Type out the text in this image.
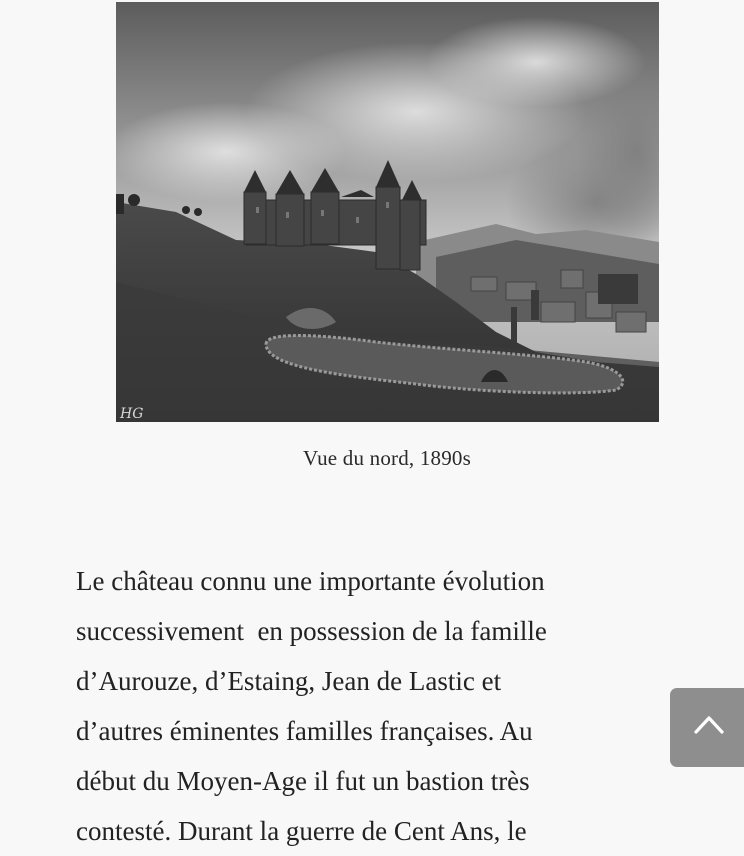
HG
Vue du nord, 1890s
Le château connu une importante évolution
successivement  en possession de la famille
d’Aurouze, d’Estaing, Jean de Lastic et
d’autres éminentes familles françaises. Au
début du Moyen-Age il fut un bastion très
contesté. Durant la guerre de Cent Ans, le
